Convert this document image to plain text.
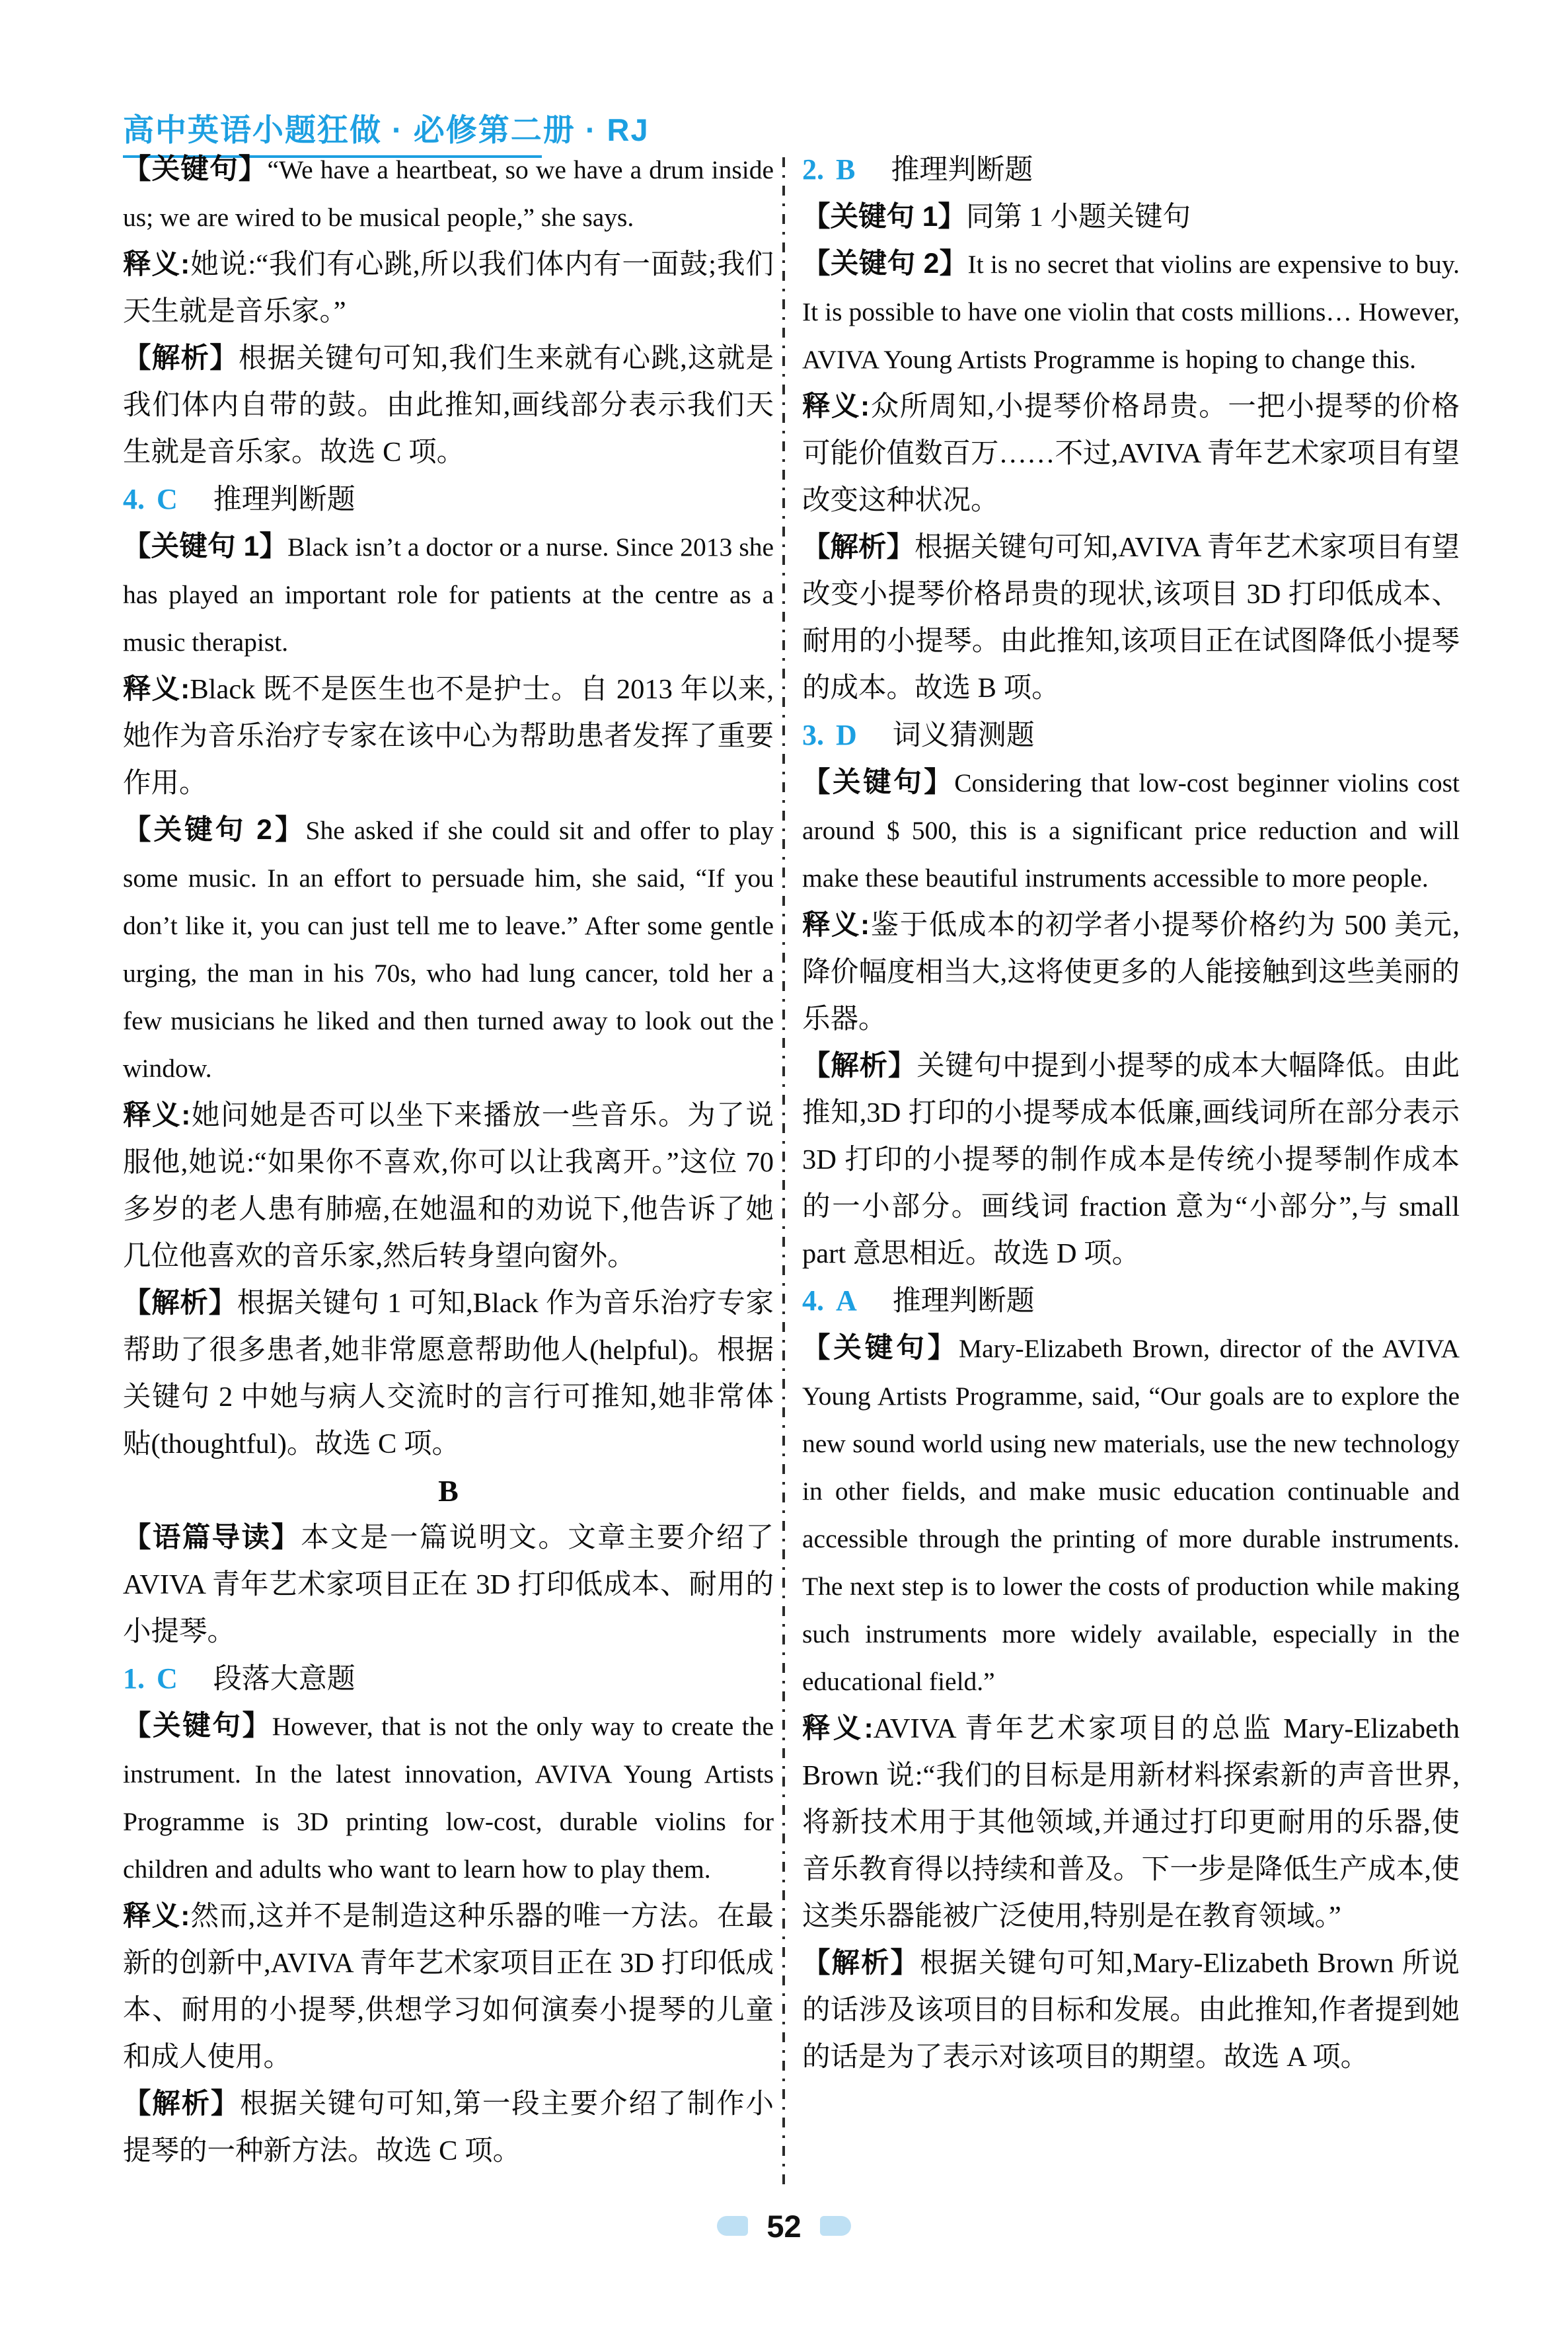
高中英语小题狂做 · 必修第二册 · RJ
【关键句】“We have a heartbeat, so we have a drum inside us; we are wired to be musical people,” she says.
释义:她说:“我们有心跳,所以我们体内有一面鼓;我们天生就是音乐家。”
【解析】根据关键句可知,我们生来就有心跳,这就是我们体内自带的鼓。由此推知,画线部分表示我们天生就是音乐家。故选 C 项。
4. C 推理判断题
【关键句 1】Black isn’t a doctor or a nurse. Since 2013 she has played an important role for patients at the centre as a music therapist.
释义:Black 既不是医生也不是护士。自 2013 年以来,她作为音乐治疗专家在该中心为帮助患者发挥了重要作用。
【关键句 2】She asked if she could sit and offer to play some music. In an effort to persuade him, she said, “If you don’t like it, you can just tell me to leave.” After some gentle urging, the man in his 70s, who had lung cancer, told her a few musicians he liked and then turned away to look out the window.
释义:她问她是否可以坐下来播放一些音乐。为了说服他,她说:“如果你不喜欢,你可以让我离开。”这位 70 多岁的老人患有肺癌,在她温和的劝说下,他告诉了她几位他喜欢的音乐家,然后转身望向窗外。
【解析】根据关键句 1 可知,Black 作为音乐治疗专家帮助了很多患者,她非常愿意帮助他人(helpful)。根据关键句 2 中她与病人交流时的言行可推知,她非常体贴(thoughtful)。故选 C 项。
B
【语篇导读】本文是一篇说明文。文章主要介绍了 AVIVA 青年艺术家项目正在 3D 打印低成本、耐用的小提琴。
1. C 段落大意题
【关键句】However, that is not the only way to create the instrument. In the latest innovation, AVIVA Young Artists Programme is 3D printing low-cost, durable violins for children and adults who want to learn how to play them.
释义:然而,这并不是制造这种乐器的唯一方法。在最新的创新中,AVIVA 青年艺术家项目正在 3D 打印低成本、耐用的小提琴,供想学习如何演奏小提琴的儿童和成人使用。
【解析】根据关键句可知,第一段主要介绍了制作小提琴的一种新方法。故选 C 项。
2. B 推理判断题
【关键句 1】同第 1 小题关键句
【关键句 2】It is no secret that violins are expensive to buy. It is possible to have one violin that costs millions… However, AVIVA Young Artists Programme is hoping to change this.
释义:众所周知,小提琴价格昂贵。一把小提琴的价格可能价值数百万……不过,AVIVA 青年艺术家项目有望改变这种状况。
【解析】根据关键句可知,AVIVA 青年艺术家项目有望改变小提琴价格昂贵的现状,该项目 3D 打印低成本、耐用的小提琴。由此推知,该项目正在试图降低小提琴的成本。故选 B 项。
3. D 词义猜测题
【关键句】Considering that low-cost beginner violins cost around $ 500, this is a significant price reduction and will make these beautiful instruments accessible to more people.
释义:鉴于低成本的初学者小提琴价格约为 500 美元,降价幅度相当大,这将使更多的人能接触到这些美丽的乐器。
【解析】关键句中提到小提琴的成本大幅降低。由此推知,3D 打印的小提琴成本低廉,画线词所在部分表示 3D 打印的小提琴的制作成本是传统小提琴制作成本的一小部分。画线词 fraction 意为“小部分”,与 small part 意思相近。故选 D 项。
4. A 推理判断题
【关键句】Mary-Elizabeth Brown, director of the AVIVA Young Artists Programme, said, “Our goals are to explore the new sound world using new materials, use the new technology in other fields, and make music education continuable and accessible through the printing of more durable instruments. The next step is to lower the costs of production while making such instruments more widely available, especially in the educational field.”
释义:AVIVA 青年艺术家项目的总监 Mary-Elizabeth Brown 说:“我们的目标是用新材料探索新的声音世界,将新技术用于其他领域,并通过打印更耐用的乐器,使音乐教育得以持续和普及。下一步是降低生产成本,使这类乐器能被广泛使用,特别是在教育领域。”
【解析】根据关键句可知,Mary-Elizabeth Brown 所说的话涉及该项目的目标和发展。由此推知,作者提到她的话是为了表示对该项目的期望。故选 A 项。
52
